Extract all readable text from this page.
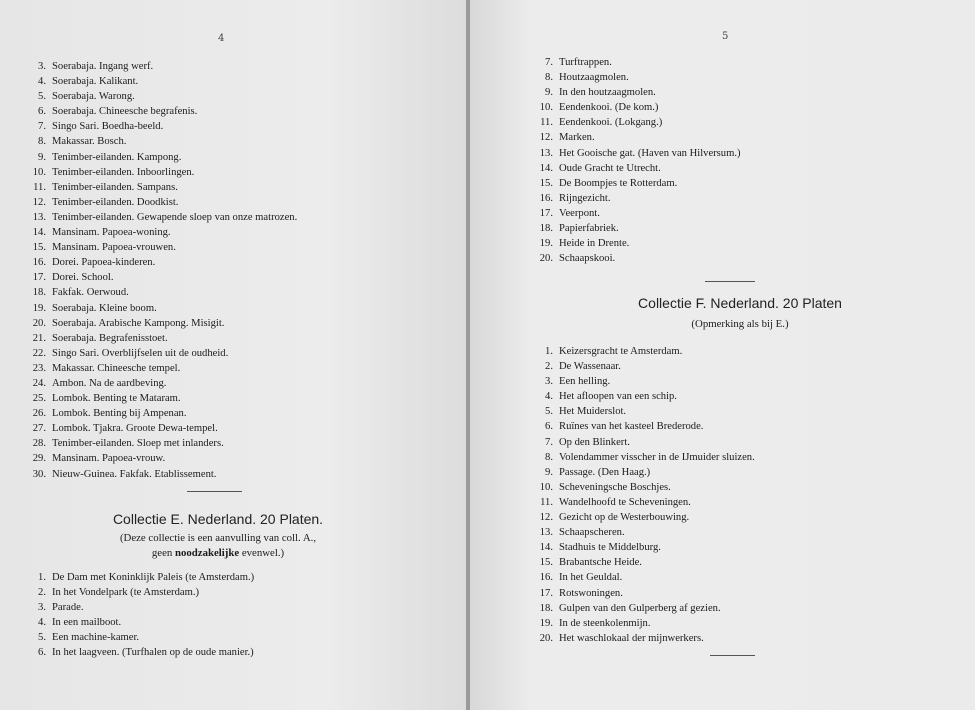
4
3. Soerabaja. Ingang werf.
4. Soerabaja. Kalikant.
5. Soerabaja. Warong.
6. Soerabaja. Chineesche begrafenis.
7. Singo Sari. Boedha-beeld.
8. Makassar. Bosch.
9. Tenimber-eilanden. Kampong.
10. Tenimber-eilanden. Inboorlingen.
11. Tenimber-eilanden. Sampans.
12. Tenimber-eilanden. Doodkist.
13. Tenimber-eilanden. Gewapende sloep van onze matrozen.
14. Mansinam. Papoea-woning.
15. Mansinam. Papoea-vrouwen.
16. Dorei. Papoea-kinderen.
17. Dorei. School.
18. Fakfak. Oerwoud.
19. Soerabaja. Kleine boom.
20. Soerabaja. Arabische Kampong. Misigit.
21. Soerabaja. Begrafenisstoet.
22. Singo Sari. Overblijfselen uit de oudheid.
23. Makassar. Chineesche tempel.
24. Ambon. Na de aardbeving.
25. Lombok. Benting te Mataram.
26. Lombok. Benting bij Ampenan.
27. Lombok. Tjakra. Groote Dewa-tempel.
28. Tenimber-eilanden. Sloep met inlanders.
29. Mansinam. Papoea-vrouw.
30. Nieuw-Guinea. Fakfak. Etablissement.
Collectie E. Nederland. 20 Platen.
(Deze collectie is een aanvulling van coll. A.,
geen noodzakelijke evenwel.)
1. De Dam met Koninklijk Paleis (te Amsterdam.)
2. In het Vondelpark (te Amsterdam.)
3. Parade.
4. In een mailboot.
5. Een machine-kamer.
6. In het laagveen. (Turfhalen op de oude manier.)
5
7. Turftrappen.
8. Houtzaagmolen.
9. In den houtzaagmolen.
10. Eendenkooi. (De kom.)
11. Eendenkooi. (Lokgang.)
12. Marken.
13. Het Gooische gat. (Haven van Hilversum.)
14. Oude Gracht te Utrecht.
15. De Boompjes te Rotterdam.
16. Rijngezicht.
17. Veerpont.
18. Papierfabriek.
19. Heide in Drente.
20. Schaapskooi.
Collectie F. Nederland. 20 Platen
(Opmerking als bij E.)
1. Keizersgracht te Amsterdam.
2. De Wassenaar.
3. Een helling.
4. Het afloopen van een schip.
5. Het Muiderslot.
6. Ruïnes van het kasteel Brederode.
7. Op den Blinkert.
8. Volendammer visscher in de IJmuider sluizen.
9. Passage. (Den Haag.)
10. Scheveningsche Boschjes.
11. Wandelhoofd te Scheveningen.
12. Gezicht op de Westerbouwing.
13. Schaapscheren.
14. Stadhuis te Middelburg.
15. Brabantsche Heide.
16. In het Geuldal.
17. Rotswoningen.
18. Gulpen van den Gulperberg af gezien.
19. In de steenkolenmijn.
20. Het waschlokaal der mijnwerkers.
